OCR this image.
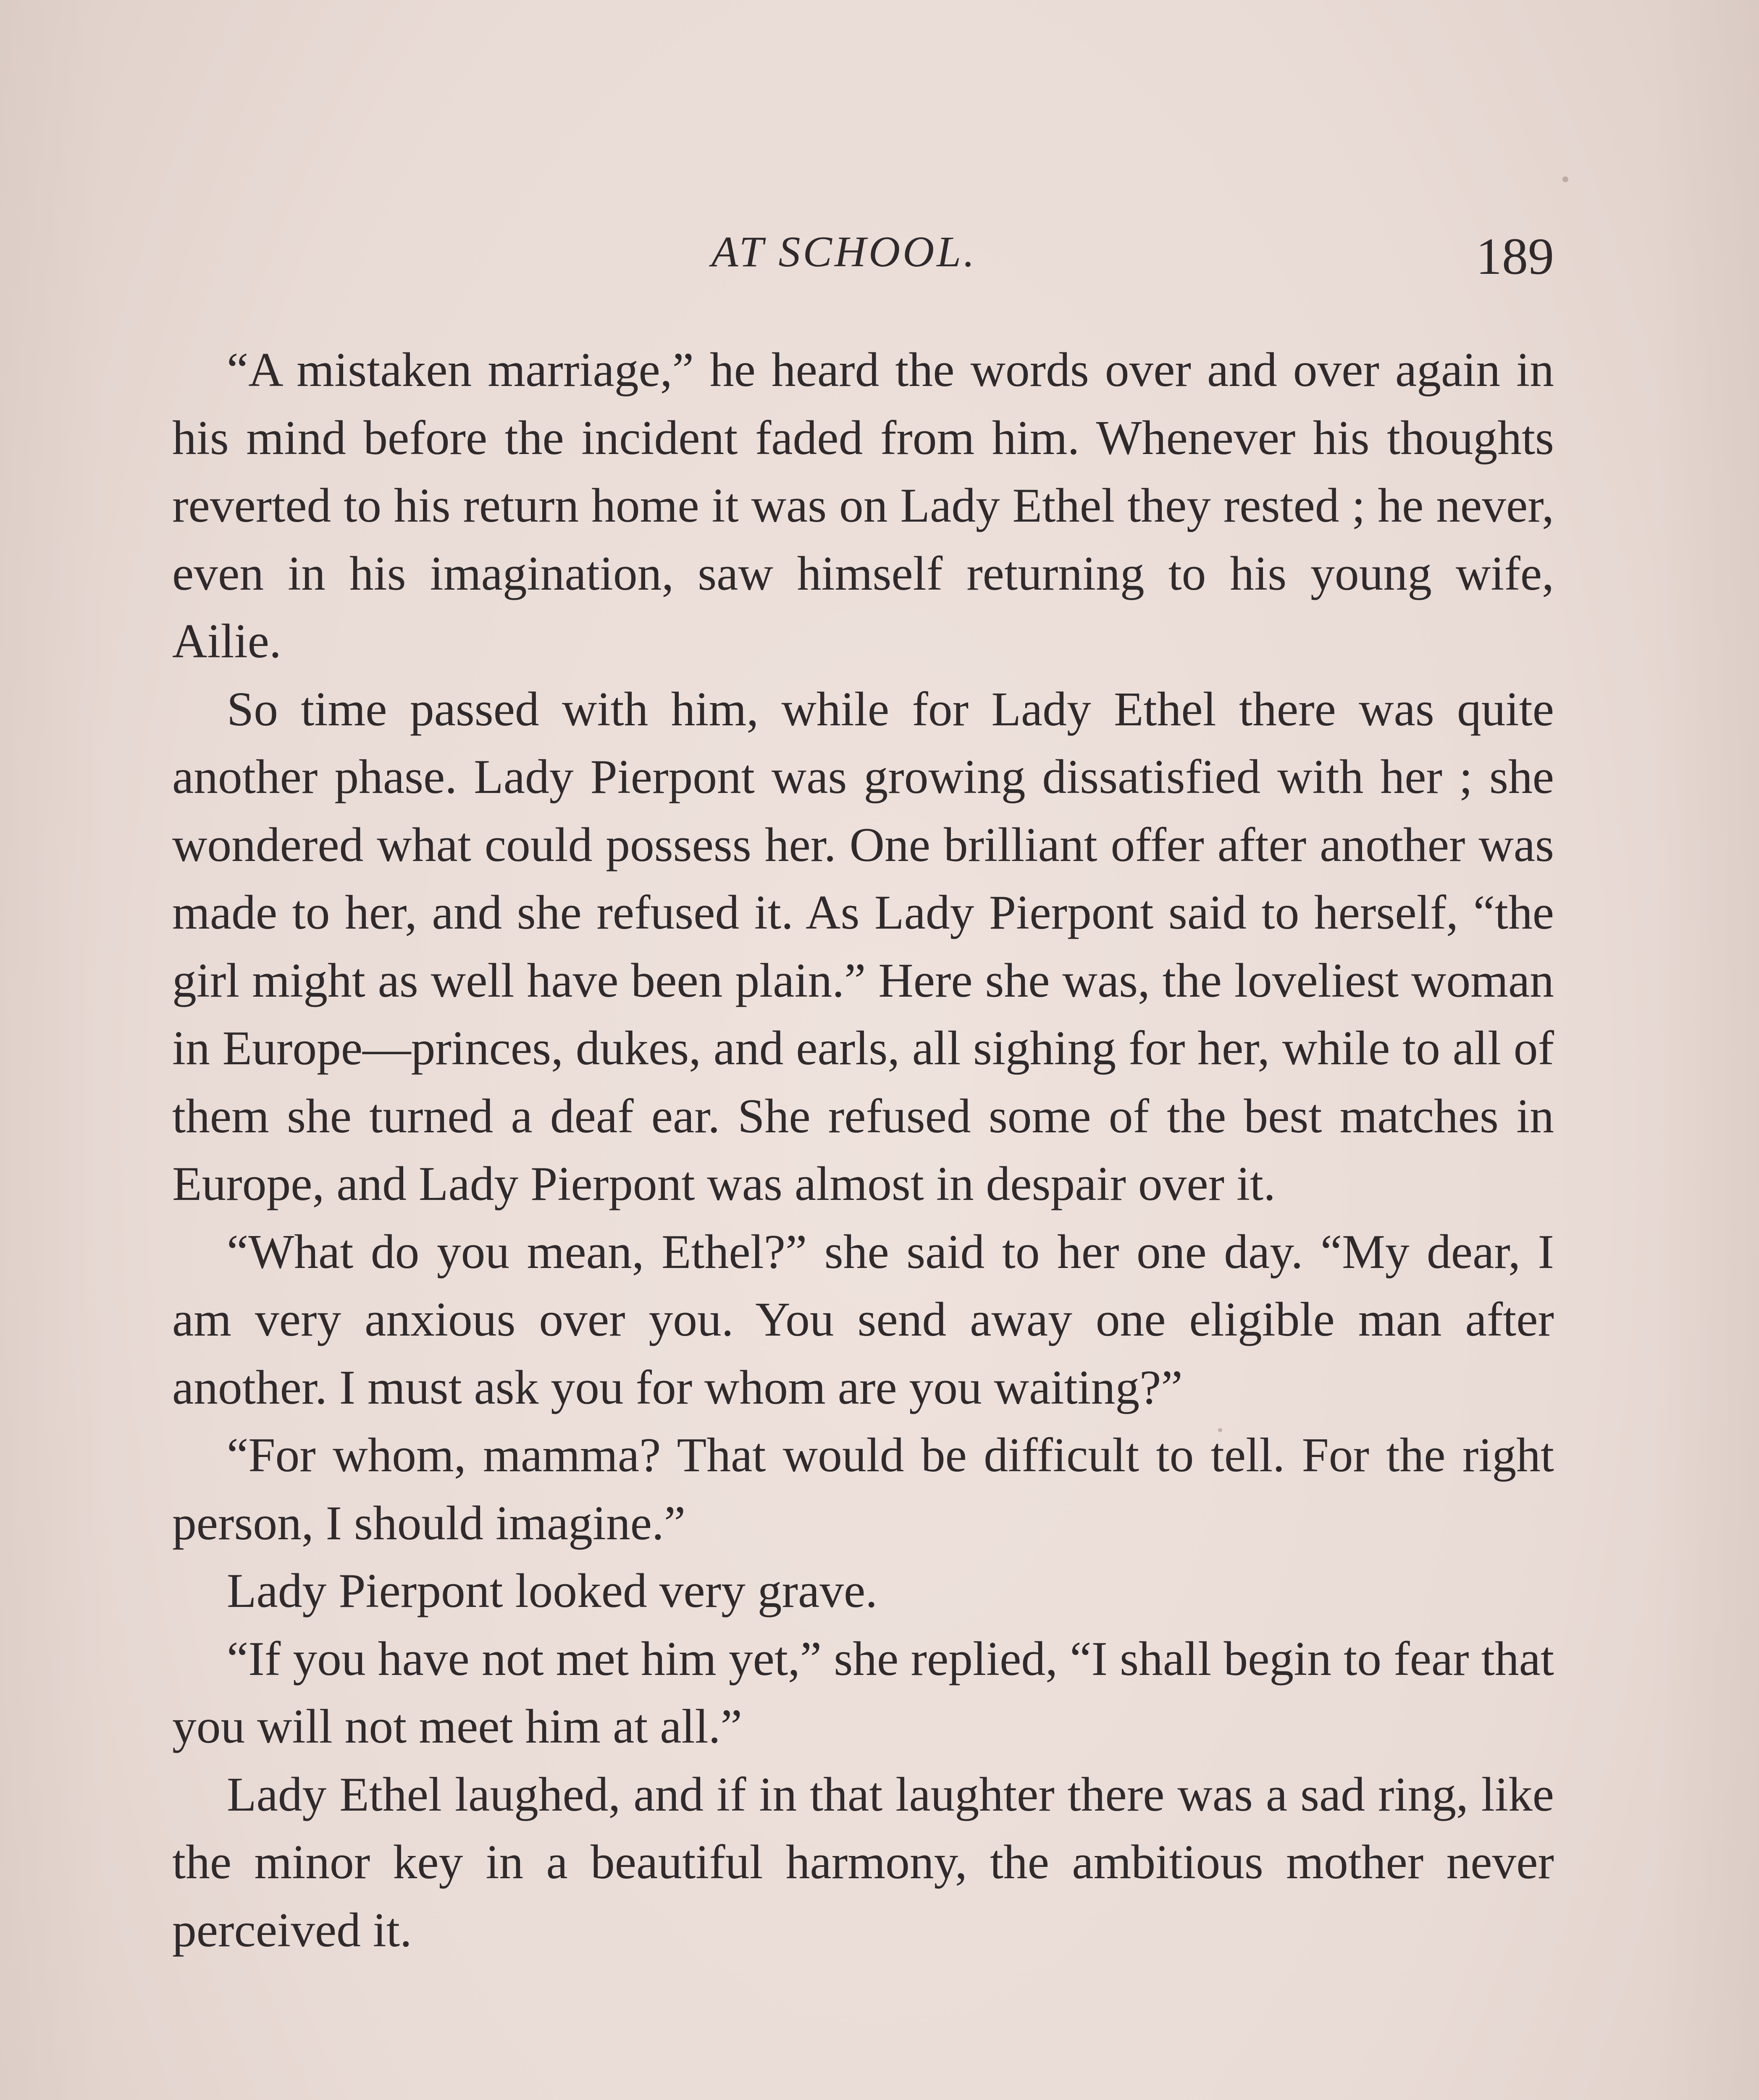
AT SCHOOL.	189

“A mistaken marriage,” he heard the words over and over again in his mind before the incident faded from him. Whenever his thoughts reverted to his return home it was on Lady Ethel they rested ; he never, even in his imagination, saw himself returning to his young wife, Ailie.

So time passed with him, while for Lady Ethel there was quite another phase. Lady Pierpont was growing dissatisfied with her ; she wondered what could possess her. One brilliant offer after another was made to her, and she refused it. As Lady Pierpont said to herself, “the girl might as well have been plain.” Here she was, the loveliest woman in Europe—princes, dukes, and earls, all sighing for her, while to all of them she turned a deaf ear. She refused some of the best matches in Europe, and Lady Pierpont was almost in despair over it.

“What do you mean, Ethel?” she said to her one day. “My dear, I am very anxious over you. You send away one eligible man after another. I must ask you for whom are you waiting?”

“For whom, mamma? That would be difficult to tell. For the right person, I should imagine.”

Lady Pierpont looked very grave.

“If you have not met him yet,” she replied, “I shall begin to fear that you will not meet him at all.”

Lady Ethel laughed, and if in that laughter there was a sad ring, like the minor key in a beautiful harmony, the ambitious mother never perceived it.
